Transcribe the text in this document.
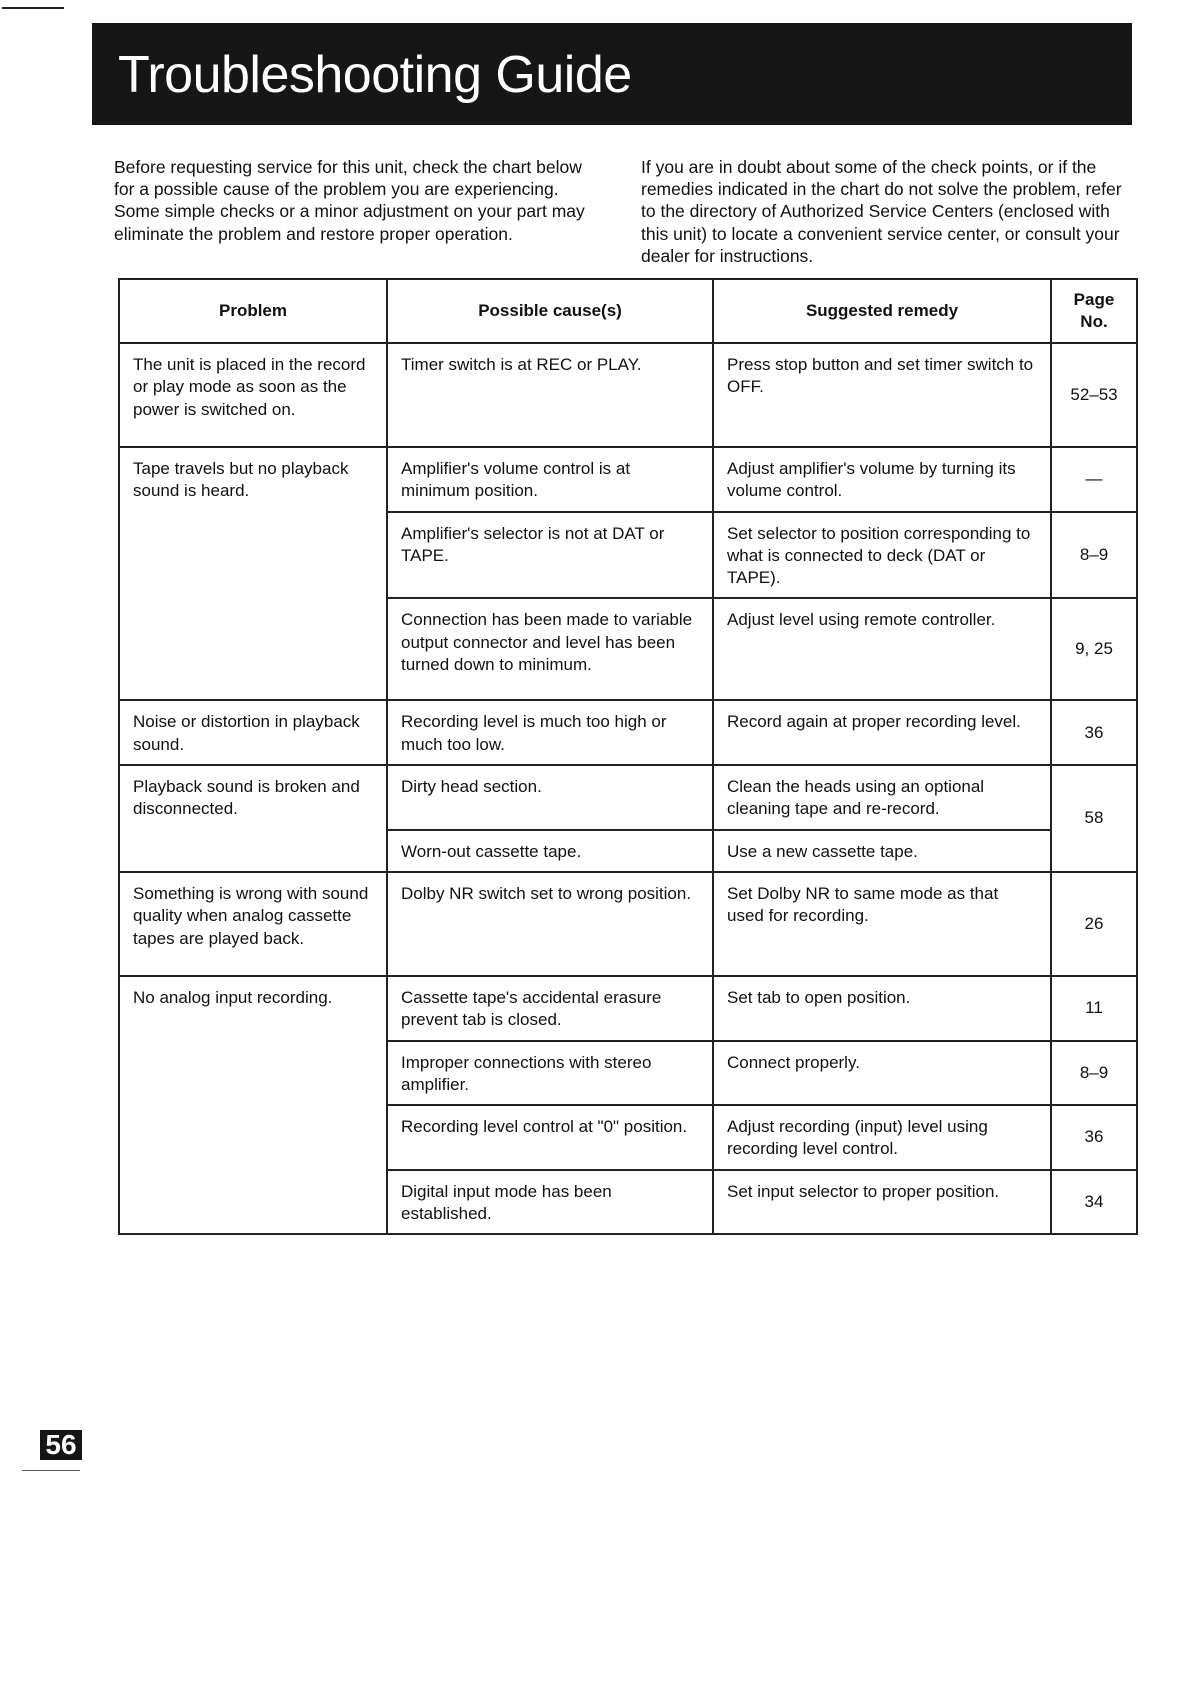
Troubleshooting Guide

Before requesting service for this unit, check the chart below for a possible cause of the problem you are experiencing. Some simple checks or a minor adjustment on your part may eliminate the problem and restore proper operation.

If you are in doubt about some of the check points, or if the remedies indicated in the chart do not solve the problem, refer to the directory of Authorized Service Centers (enclosed with this unit) to locate a convenient service center, or consult your dealer for instructions.

Problem	Possible cause(s)	Suggested remedy	Page No.
The unit is placed in the record or play mode as soon as the power is switched on.	Timer switch is at REC or PLAY.	Press stop button and set timer switch to OFF.	52–53
Tape travels but no playback sound is heard.	Amplifier's volume control is at minimum position.	Adjust amplifier's volume by turning its volume control.	—
	Amplifier's selector is not at DAT or TAPE.	Set selector to position corresponding to what is connected to deck (DAT or TAPE).	8–9
	Connection has been made to variable output connector and level has been turned down to minimum.	Adjust level using remote controller.	9, 25
Noise or distortion in playback sound.	Recording level is much too high or much too low.	Record again at proper recording level.	36
Playback sound is broken and disconnected.	Dirty head section.	Clean the heads using an optional cleaning tape and re-record.	58
	Worn-out cassette tape.	Use a new cassette tape.	
Something is wrong with sound quality when analog cassette tapes are played back.	Dolby NR switch set to wrong position.	Set Dolby NR to same mode as that used for recording.	26
No analog input recording.	Cassette tape's accidental erasure prevent tab is closed.	Set tab to open position.	11
	Improper connections with stereo amplifier.	Connect properly.	8–9
	Recording level control at "0" position.	Adjust recording (input) level using recording level control.	36
	Digital input mode has been established.	Set input selector to proper position.	34
56
